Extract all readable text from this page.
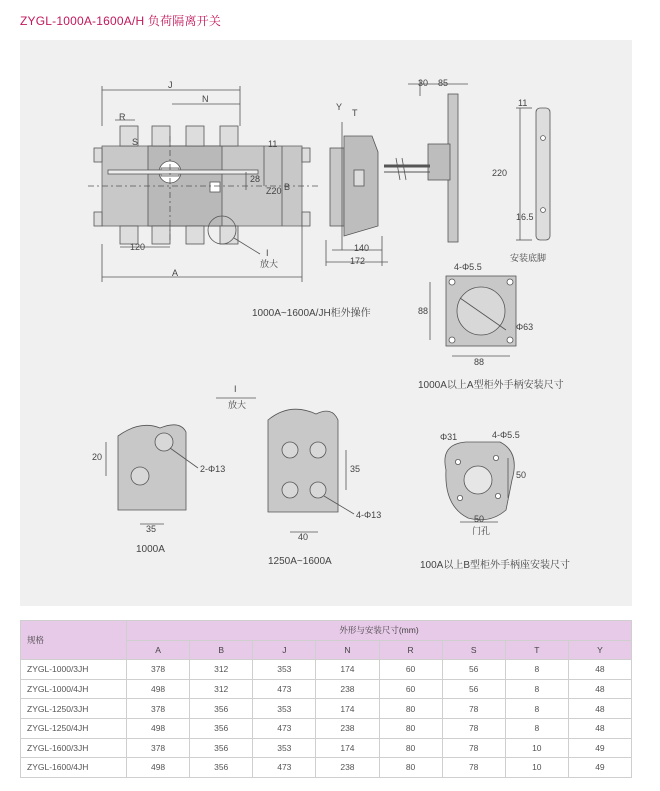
ZYGL-1000A-1600A/H 负荷隔离开关
J
N
R
S	11
28
Z20 B
120
A
I
放大
1000A~1600A/JH柜外操作
Y
T
140
172
30 85
11
220
16.5
安装底脚
4-Φ5.5
88
Φ63
88
1000A以上A型柜外手柄安装尺寸
I
放大
20
2-Φ13
35
1000A
35
4-Φ13
40
1250A~1600A
Φ31	4-Φ5.5
50
50
门孔
100A以上B型柜外手柄座安装尺寸
规格	外形与安装尺寸(mm)							
	A	B	J	N	R	S	T	Y
ZYGL-1000/3JH	378	312	353	174	60	56	8	48
ZYGL-1000/4JH	498	312	473	238	60	56	8	48
ZYGL-1250/3JH	378	356	353	174	80	78	8	48
ZYGL-1250/4JH	498	356	473	238	80	78	8	48
ZYGL-1600/3JH	378	356	353	174	80	78	10	49
ZYGL-1600/4JH	498	356	473	238	80	78	10	49
